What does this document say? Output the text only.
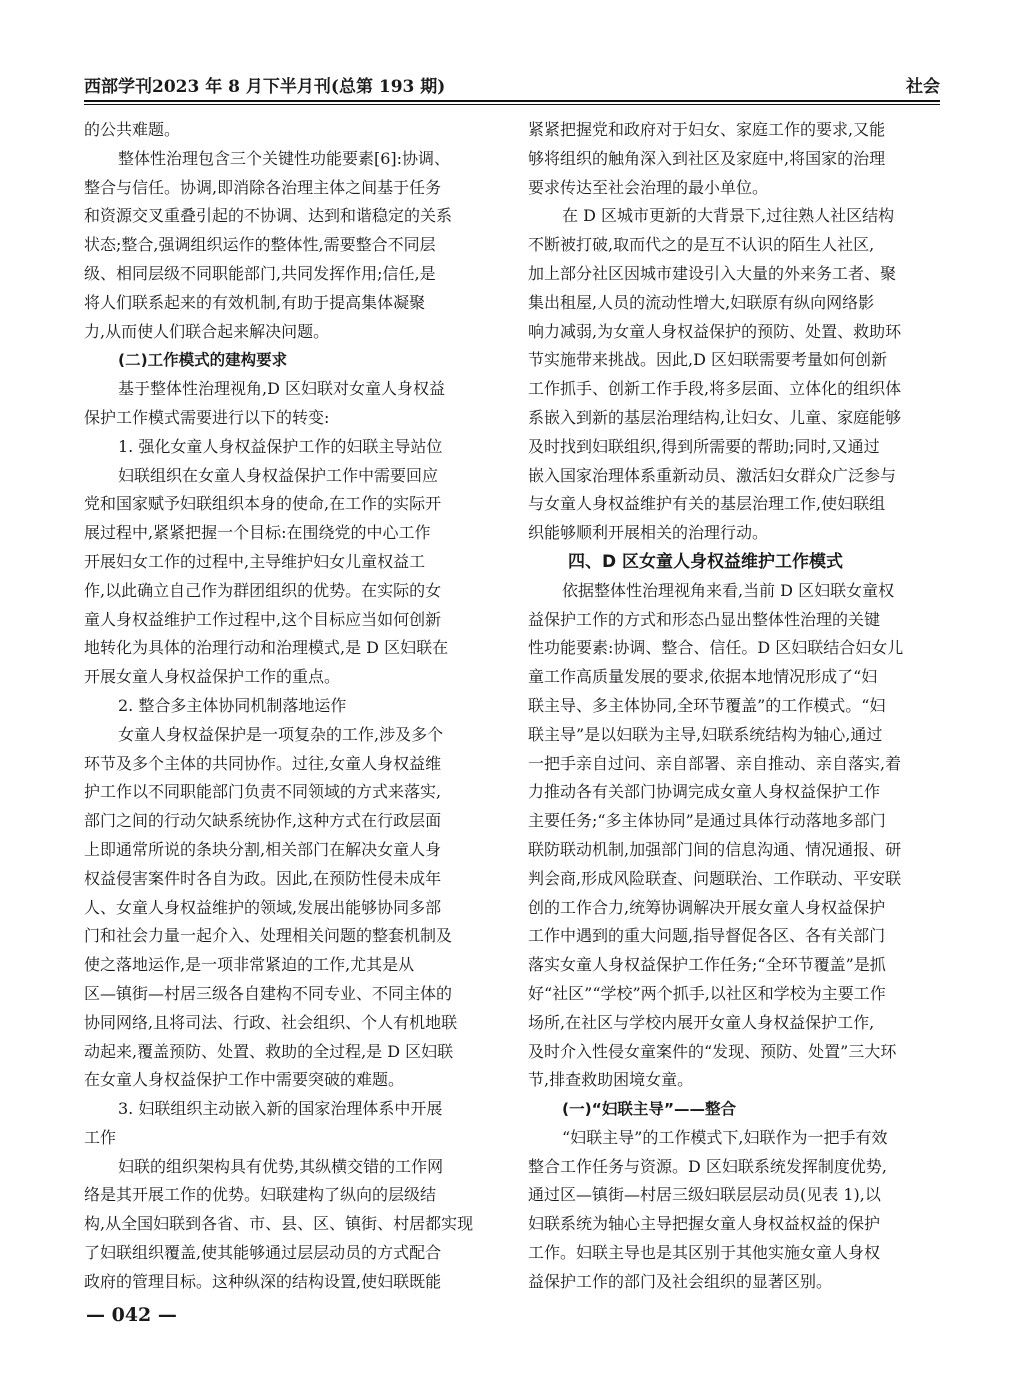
西部学刊2023 年 8 月下半月刊(总第 193 期)	社会
的公共难题。
整体性治理包含三个关键性功能要素[6]:协调、
整合与信任。协调,即消除各治理主体之间基于任务
和资源交叉重叠引起的不协调、达到和谐稳定的关系
状态;整合,强调组织运作的整体性,需要整合不同层
级、相同层级不同职能部门,共同发挥作用;信任,是
将人们联系起来的有效机制,有助于提高集体凝聚
力,从而使人们联合起来解决问题。
(二)工作模式的建构要求
基于整体性治理视角,D 区妇联对女童人身权益
保护工作模式需要进行以下的转变:
1. 强化女童人身权益保护工作的妇联主导站位
妇联组织在女童人身权益保护工作中需要回应
党和国家赋予妇联组织本身的使命,在工作的实际开
展过程中,紧紧把握一个目标:在围绕党的中心工作
开展妇女工作的过程中,主导维护妇女儿童权益工
作,以此确立自己作为群团组织的优势。在实际的女
童人身权益维护工作过程中,这个目标应当如何创新
地转化为具体的治理行动和治理模式,是 D 区妇联在
开展女童人身权益保护工作的重点。
2. 整合多主体协同机制落地运作
女童人身权益保护是一项复杂的工作,涉及多个
环节及多个主体的共同协作。过往,女童人身权益维
护工作以不同职能部门负责不同领域的方式来落实,
部门之间的行动欠缺系统协作,这种方式在行政层面
上即通常所说的条块分割,相关部门在解决女童人身
权益侵害案件时各自为政。因此,在预防性侵未成年
人、女童人身权益维护的领域,发展出能够协同多部
门和社会力量一起介入、处理相关问题的整套机制及
使之落地运作,是一项非常紧迫的工作,尤其是从
区—镇街—村居三级各自建构不同专业、不同主体的
协同网络,且将司法、行政、社会组织、个人有机地联
动起来,覆盖预防、处置、救助的全过程,是 D 区妇联
在女童人身权益保护工作中需要突破的难题。
3. 妇联组织主动嵌入新的国家治理体系中开展
工作
妇联的组织架构具有优势,其纵横交错的工作网
络是其开展工作的优势。妇联建构了纵向的层级结
构,从全国妇联到各省、市、县、区、镇街、村居都实现
了妇联组织覆盖,使其能够通过层层动员的方式配合
政府的管理目标。这种纵深的结构设置,使妇联既能
紧紧把握党和政府对于妇女、家庭工作的要求,又能
够将组织的触角深入到社区及家庭中,将国家的治理
要求传达至社会治理的最小单位。
在 D 区城市更新的大背景下,过往熟人社区结构
不断被打破,取而代之的是互不认识的陌生人社区,
加上部分社区因城市建设引入大量的外来务工者、聚
集出租屋,人员的流动性增大,妇联原有纵向网络影
响力减弱,为女童人身权益保护的预防、处置、救助环
节实施带来挑战。因此,D 区妇联需要考量如何创新
工作抓手、创新工作手段,将多层面、立体化的组织体
系嵌入到新的基层治理结构,让妇女、儿童、家庭能够
及时找到妇联组织,得到所需要的帮助;同时,又通过
嵌入国家治理体系重新动员、激活妇女群众广泛参与
与女童人身权益维护有关的基层治理工作,使妇联组
织能够顺利开展相关的治理行动。
四、D 区女童人身权益维护工作模式
依据整体性治理视角来看,当前 D 区妇联女童权
益保护工作的方式和形态凸显出整体性治理的关键
性功能要素:协调、整合、信任。D 区妇联结合妇女儿
童工作高质量发展的要求,依据本地情况形成了“妇
联主导、多主体协同,全环节覆盖”的工作模式。“妇
联主导”是以妇联为主导,妇联系统结构为轴心,通过
一把手亲自过问、亲自部署、亲自推动、亲自落实,着
力推动各有关部门协调完成女童人身权益保护工作
主要任务;“多主体协同”是通过具体行动落地多部门
联防联动机制,加强部门间的信息沟通、情况通报、研
判会商,形成风险联查、问题联治、工作联动、平安联
创的工作合力,统筹协调解决开展女童人身权益保护
工作中遇到的重大问题,指导督促各区、各有关部门
落实女童人身权益保护工作任务;“全环节覆盖”是抓
好“社区”“学校”两个抓手,以社区和学校为主要工作
场所,在社区与学校内展开女童人身权益保护工作,
及时介入性侵女童案件的“发现、预防、处置”三大环
节,排查救助困境女童。
(一)“妇联主导”——整合
“妇联主导”的工作模式下,妇联作为一把手有效
整合工作任务与资源。D 区妇联系统发挥制度优势,
通过区—镇街—村居三级妇联层层动员(见表 1),以
妇联系统为轴心主导把握女童人身权益权益的保护
工作。妇联主导也是其区别于其他实施女童人身权
益保护工作的部门及社会组织的显著区别。
— 042 —
